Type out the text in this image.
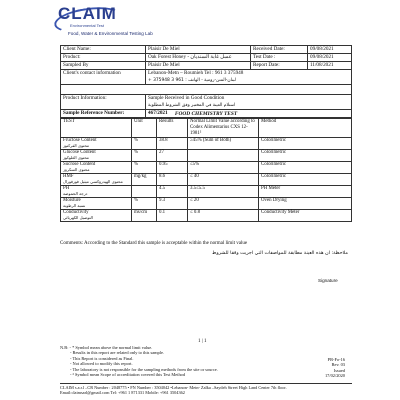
CLAIM
Environmental Test
Food, Water & Environmental Testing Lab
Client Name:	Plaisir De Miel	Received Date:	09/08/2021
Product:	Oak Forest Honey - عسل غابة السنديان	Test Date :	09/08/2021
Sampled By	Plaisir De Miel	Report Date:	11/08/2021
Client's contact information	Lebanon-Metn – Roumieh Tel : 961 3 375948
لبنان-المتن-رومية - الهاتف : 961 3 375948 +		

Product Information:	Sample Received in Good Condition
استلام العينة في المختبر وفق الشروط المطلوبة		

Sample Reference Number:	467/2021			FOOD CHEMISTRY TEST
TEST	Unit	Results	Normal Limit Value according to Codex Alimentarius CXS 12-1981²	Method

Fructose Content
محتوى الفركتوز	%	38.8	≥45% (Sum of Both)	Colorimetric

Glucose Content
محتوى الغلوكوز	%	27		Colorimetric

Sucrose Content
محتوى السكروز	%	0.95	≤5%	Colorimetric

HMF
محتوى الهيدروكسي ميثيل فورفورال	mg/kg	8.6	≤ 40	Colorimetric

PH
درجة الحموضة		4.5	3.5≤5.5	PH Meter

Moisture
نسبة الرطوبة	%	9.3	≤ 20	Oven Drying

Conductivity
التوصيل الكهربائي	ms/cm	0.1	≤ 0.8	Conductivity Meter
Comments: According to the Standard this sample is acceptable within the normal limit value
ملاحظة: ان هذه العينة مطابقة للمواصفات التي اجريت وفقا للشروط
Signature
1 | 1
N.B: - * Symbol mean above the normal limit value.
- Results in this report are related only to this sample.
- This Report is considered as Final.
- Not allowed to modify this report.
- The laboratory is not responsible for the sampling methods from the site or source.
- ² Symbol mean Scope of accreditation covered this Test Method
PR-Fo-16
Rev. 03
Issued
17/02/2020
CLAIM s.a.r.l –CR Number : 2048775 • FN Number : 3504042 •Lebanon- Metn- Zalka –Saydeh Street High Land Center 7th floor.
Email:claimsarl@gmail.com Tel: +961 1 871331 Mobile: +961 3504362
